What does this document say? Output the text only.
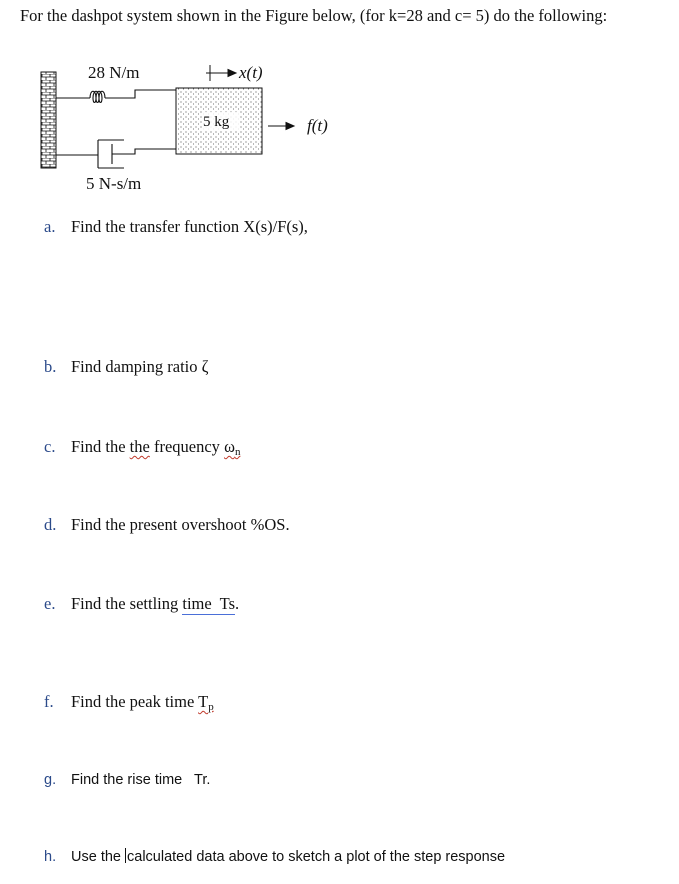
For the dashpot system shown in the Figure below, (for k=28 and c= 5) do the following:
28 N/m
5 N-s/m
5 kg
x(t)
f(t)
a. Find the transfer function X(s)/F(s),
b. Find damping ratio ζ
c. Find the the frequency ωn
d. Find the present overshoot %OS.
e. Find the settling time  Ts.
f. Find the peak time Tp
g. Find the rise time   Tr.
h. Use the calculated data above to sketch a plot of the step response
